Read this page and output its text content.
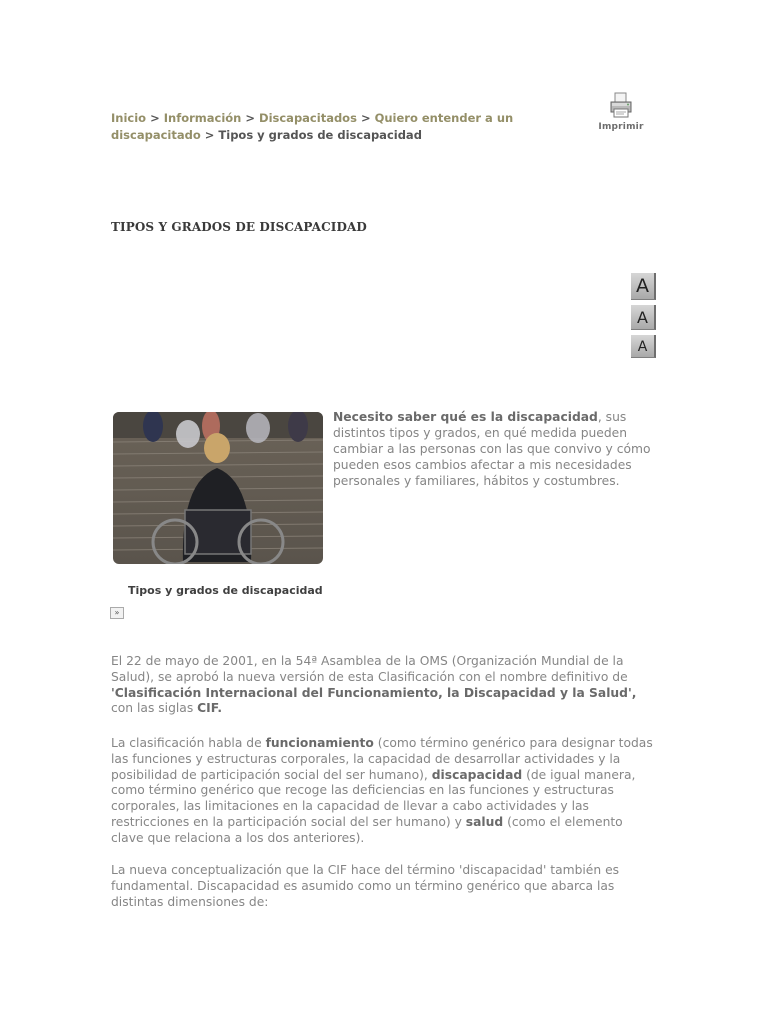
Inicio > Información > Discapacitados > Quiero entender a un discapacitado > Tipos y grados de discapacidad
Imprimir
TIPOS Y GRADOS DE DISCAPACIDAD
A
A
A
Tipos y grados de discapacidad
»
Necesito saber qué es la discapacidad, sus distintos tipos y grados, en qué medida pueden cambiar a las personas con las que convivo y cómo pueden esos cambios afectar a mis necesidades personales y familiares, hábitos y costumbres.
El 22 de mayo de 2001, en la 54ª Asamblea de la OMS (Organización Mundial de la Salud), se aprobó la nueva versión de esta Clasificación con el nombre definitivo de 'Clasificación Internacional del Funcionamiento, la Discapacidad y la Salud', con las siglas CIF.
La clasificación habla de funcionamiento (como término genérico para designar todas las funciones y estructuras corporales, la capacidad de desarrollar actividades y la posibilidad de participación social del ser humano), discapacidad (de igual manera, como término genérico que recoge las deficiencias en las funciones y estructuras corporales, las limitaciones en la capacidad de llevar a cabo actividades y las restricciones en la participación social del ser humano) y salud (como el elemento clave que relaciona a los dos anteriores).
La nueva conceptualización que la CIF hace del término 'discapacidad' también es fundamental. Discapacidad es asumido como un término genérico que abarca las distintas dimensiones de:
